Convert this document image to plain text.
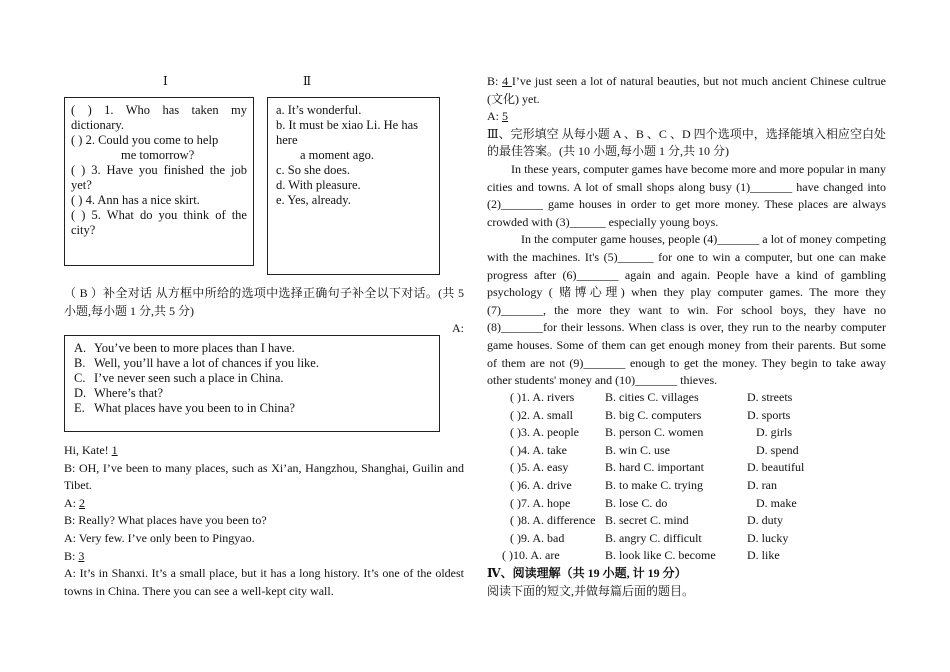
Ⅰ	Ⅱ
( ) 1. Who has taken my dictionary.
( ) 2. Could you come to help
me tomorrow?
( ) 3. Have you finished the job yet?
( ) 4. Ann has a nice skirt.
( ) 5. What do you think of the city?
a. It’s wonderful.
b. It must be xiao Li. He has here
a moment ago.
c. So she does.
d. With pleasure.
e. Yes, already.
（ B ）补全对话 从方框中所给的选项中选择正确句子补全以下对话。(共 5 小题,每小题 1 分,共 5 分)
A:
A. You’ve been to more places than I have.
B. Well, you’ll have a lot of chances if you like.
C. I’ve never seen such a place in China.
D. Where’s that?
E. What places have you been to in China?
Hi, Kate! 1
B: OH, I’ve been to many places, such as Xi’an, Hangzhou, Shanghai, Guilin and Tibet.
A: 2
B: Really? What places have you been to?
A: Very few. I’ve only been to Pingyao.
B: 3
A: It’s in Shanxi. It’s a small place, but it has a long history. It’s one of the oldest towns in China. There you can see a well-kept city wall.
B: 4 I’ve just seen a lot of natural beauties, but not much ancient Chinese cultrue (文化) yet.
A: 5
Ⅲ、完形填空 从每小题 A 、B 、C 、D 四个选项中，选择能填入相应空白处的最佳答案。(共 10 小题,每小题 1 分,共 10 分)

In these years, computer games have become more and more popular in many cities and towns. A lot of small shops along busy (1)_______ have changed into (2)_______ game houses in order to get more money. These places are always crowded with (3)______ especially young boys.

In the computer game houses, people (4)_______ a lot of money competing with the machines. It's (5)______ for one to win a computer, but one can make progress after (6)_______ again and again. People have a kind of gambling psychology ( 赌博心理) when they play computer games. The more they (7)_______, the more they want to win. For school boys, they have no (8)_______for their lessons. When class is over, they run to the nearby computer game houses. Some of them can get enough money from their parents. But some of them are not (9)_______ enough to get the money. They begin to take away other students' money and (10)_______ thieves.

( )1. A. rivers	B. cities C. villages	D. streets
( )2. A. small	B. big C. computers	D. sports
( )3. A. people B. person C. women	D. girls
( )4. A. take	B. win C. use	D. spend
( )5. A. easy	B. hard C. important	D. beautiful
( )6. A. drive	B. to make C. trying	D. ran
( )7. A. hope	B. lose C. do	D. make
( )8. A. difference B. secret C. mind	D. duty
( )9. A. bad	B. angry C. difficult	D. lucky
( )10. A. are	B. look like C. become	D. like
Ⅳ、阅读理解（共 19 小题, 计 19 分）
阅读下面的短文,并做每篇后面的题目。
